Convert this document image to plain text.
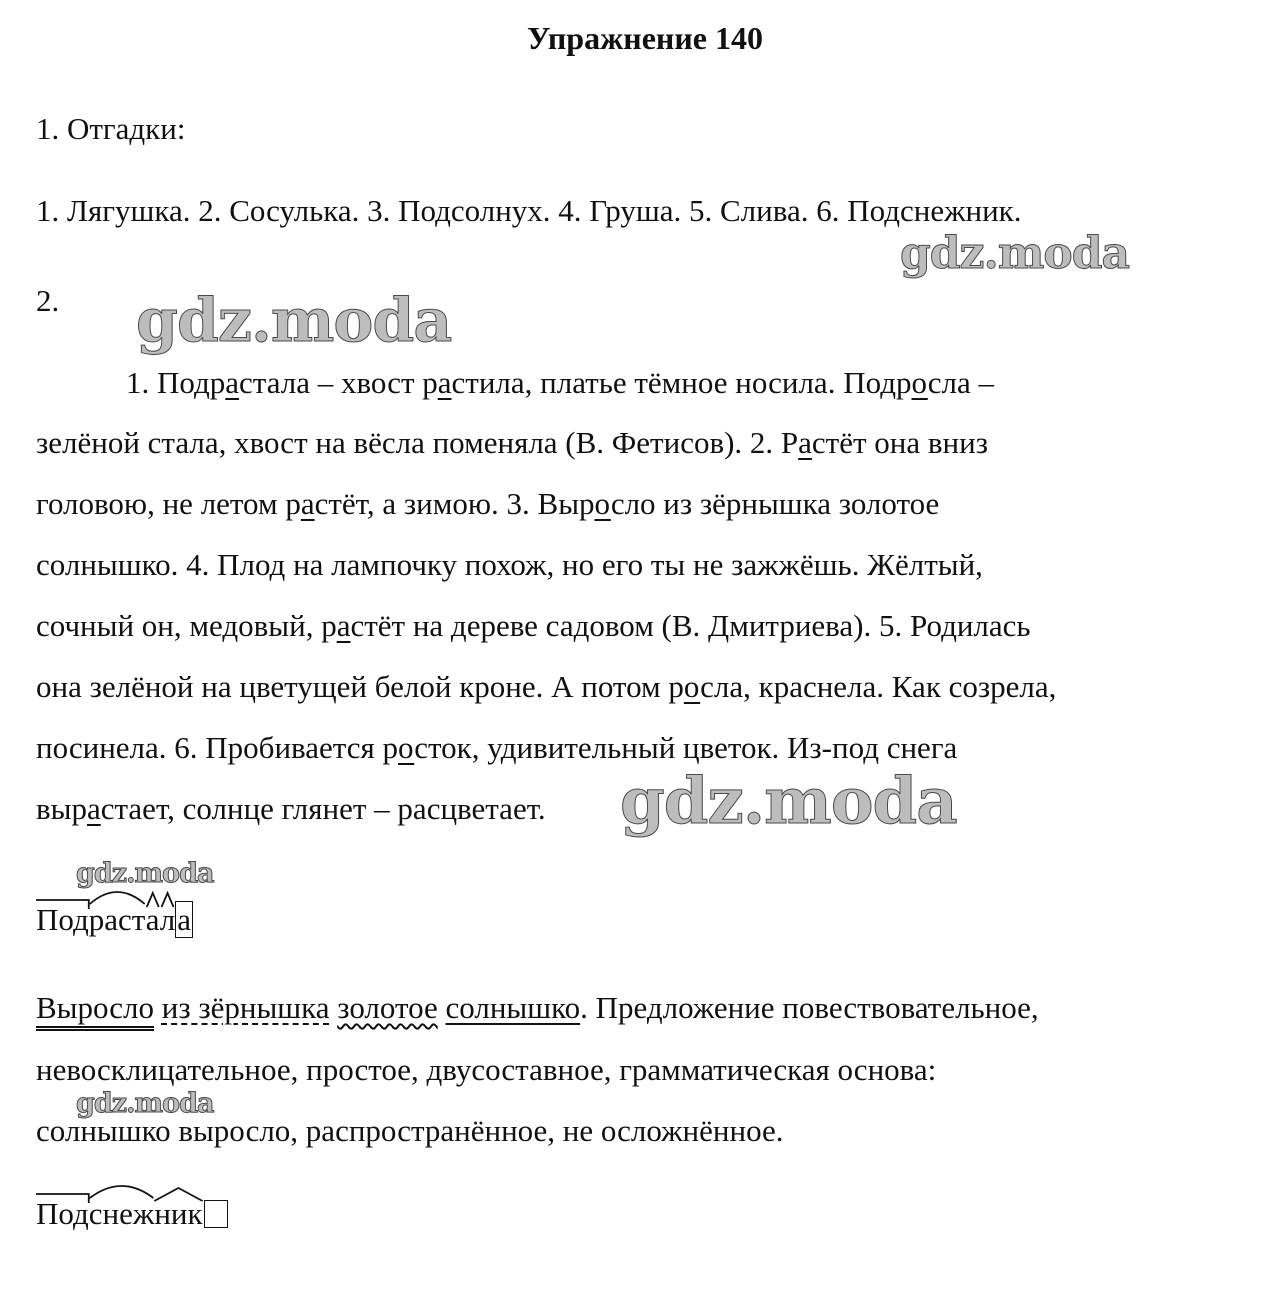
Упражнение 140
1. Отгадки:
1. Лягушка. 2. Сосулька. 3. Подсолнух. 4. Груша. 5. Слива. 6. Подснежник.
2.
1. Подрастала – хвост растила, платье тёмное носила. Подросла –
зелёной стала, хвост на вёсла поменяла (В. Фетисов). 2. Растёт она вниз
головою, не летом растёт, а зимою. 3. Выросло из зёрнышка золотое
солнышко. 4. Плод на лампочку похож, но его ты не зажжёшь. Жёлтый,
сочный он, медовый, растёт на дереве садовом (В. Дмитриева). 5. Родилась
она зелёной на цветущей белой кроне. А потом росла, краснела. Как созрела,
посинела. 6. Пробивается росток, удивительный цветок. Из-под снега
вырастает, солнце глянет – расцветает.
Подрастала
Выросло из зёрнышка золотое солнышко. Предложение повествовательное,
невосклицательное, простое, двусоставное, грамматическая основа:
солнышко выросло, распространённое, не осложнённое.
Подснежник
gdz.moda
gdz.moda
gdz.moda
gdz.moda
gdz.moda
